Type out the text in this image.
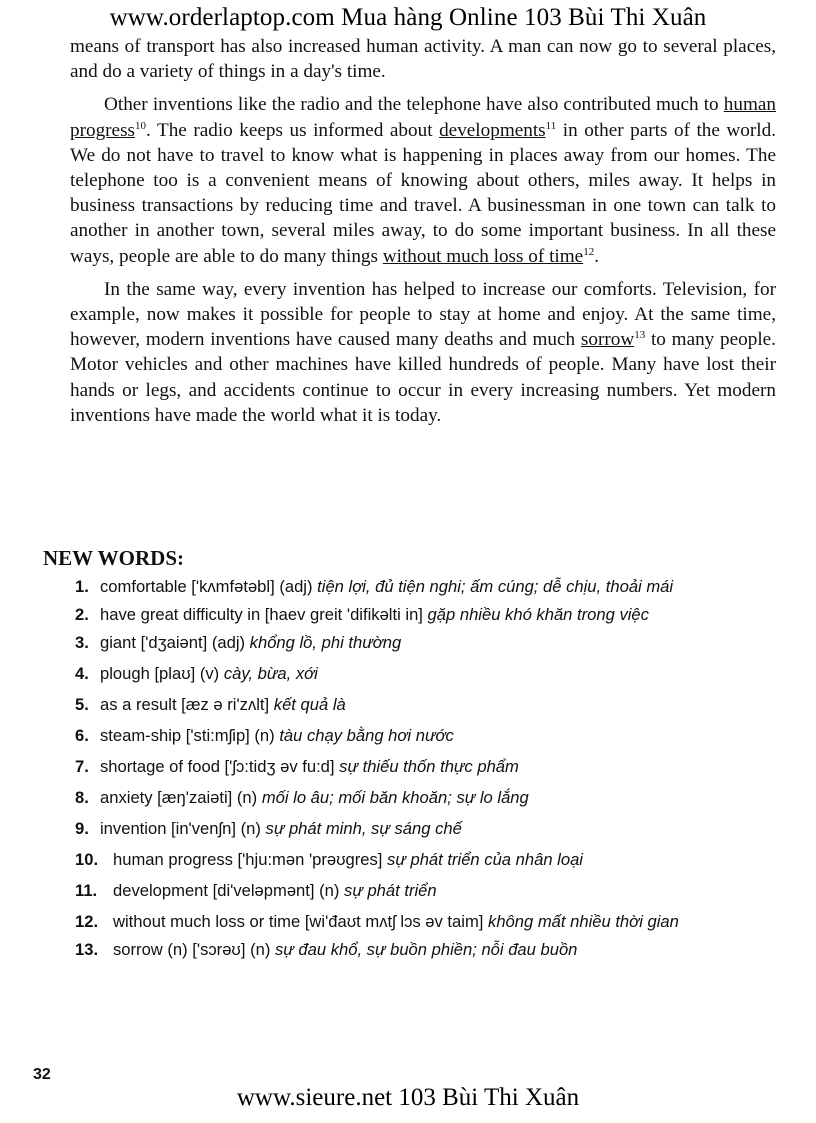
www.orderlaptop.com Mua hàng Online 103 Bùi Thi Xuân

means of transport has also increased human activity. A man can now go to several places, and do a variety of things in a day's time.

Other inventions like the radio and the telephone have also contributed much to human progress$^{10}$. The radio keeps us informed about developments$^{11}$ in other parts of the world. We do not have to travel to know what is happening in places away from our homes. The telephone too is a convenient means of knowing about others, miles away. It helps in business transactions by reducing time and travel. A businessman in one town can talk to another in another town, several miles away, to do some important business. In all these ways, people are able to do many things without much loss of time$^{12}$.

In the same way, every invention has helped to increase our comforts. Television, for example, now makes it possible for people to stay at home and enjoy. At the same time, however, modern inventions have caused many deaths and much sorrow$^{13}$ to many people. Motor vehicles and other machines have killed hundreds of people. Many have lost their hands or legs, and accidents continue to occur in every increasing numbers. Yet modern inventions have made the world what it is today.

NEW WORDS:
1. comfortable ['kʌmfətəbl] (adj) tiện lợi, đủ tiện nghi; ấm cúng; dễ chịu, thoải mái
2. have great difficulty in [haev greit 'difikəlti in] gặp nhiều khó khăn trong việc
3. giant ['dʒaiənt] (adj) khổng lồ, phi thường
4. plough [plaʊ] (v) cày, bừa, xới
5. as a result [æz ə ri'zʌlt] kết quả là
6. steam-ship ['sti:mʃip] (n) tàu chạy bằng hơi nước
7. shortage of food ['ʃɔ:tidʒ əv fu:d] sự thiếu thốn thực phẩm
8. anxiety [æŋ'zaiəti] (n) mối lo âu; mối băn khoăn; sự lo lắng
9. invention [in'venʃn] (n) sự phát minh, sự sáng chế
10. human progress ['hju:mən 'prəʊgres] sự phát triển của nhân loại
11. development [di'veləpmənt] (n) sự phát triển
12. without much loss or time [wi'đaʊt mʌtʃ lɔs əv taim] không mất nhiều thời gian
13. sorrow (n) ['sɔrəʊ] (n) sự đau khổ, sự buồn phiền; nỗi đau buồn
32
www.sieure.net 103 Bùi Thi Xuân
